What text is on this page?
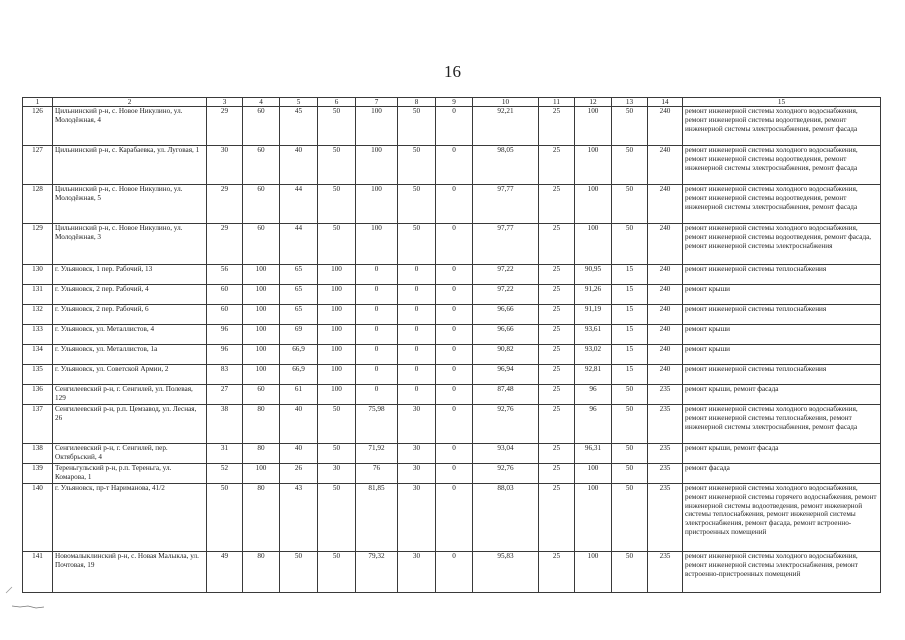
16
1	2	3	4	5	6	7	8	9	10	11	12	13	14	15
126	Цильнинский р-н, с. Новое Никулино, ул. Молодёжная, 4	29	60	45	50	100	50	0	92,21	25	100	50	240	ремонт инженерной системы холодного водоснабжения, ремонт инженерной системы водоотведения, ремонт инженерной системы электроснабжения, ремонт фасада
127	Цильнинский р-н, с. Карабаевка, ул. Луговая, 1	30	60	40	50	100	50	0	98,05	25	100	50	240	ремонт инженерной системы холодного водоснабжения, ремонт инженерной системы водоотведения, ремонт инженерной системы электроснабжения, ремонт фасада
128	Цильнинский р-н, с. Новое Никулино, ул. Молодёжная, 5	29	60	44	50	100	50	0	97,77	25	100	50	240	ремонт инженерной системы холодного водоснабжения, ремонт инженерной системы водоотведения, ремонт инженерной системы электроснабжения, ремонт фасада
129	Цильнинский р-н, с. Новое Никулино, ул. Молодёжная, 3	29	60	44	50	100	50	0	97,77	25	100	50	240	ремонт инженерной системы холодного водоснабжения, ремонт инженерной системы водоотведения, ремонт фасада, ремонт инженерной системы электроснабжения
130	г. Ульяновск, 1 пер. Рабочий, 13	56	100	65	100	0	0	0	97,22	25	90,95	15	240	ремонт инженерной системы теплоснабжения
131	г. Ульяновск, 2 пер. Рабочий, 4	60	100	65	100	0	0	0	97,22	25	91,26	15	240	ремонт крыши
132	г. Ульяновск, 2 пер. Рабочий, 6	60	100	65	100	0	0	0	96,66	25	91,19	15	240	ремонт инженерной системы теплоснабжения
133	г. Ульяновск, ул. Металлистов, 4	96	100	69	100	0	0	0	96,66	25	93,61	15	240	ремонт крыши
134	г. Ульяновск, ул. Металлистов, 1а	96	100	66,9	100	0	0	0	90,82	25	93,02	15	240	ремонт крыши
135	г. Ульяновск, ул. Советской Армии, 2	83	100	66,9	100	0	0	0	96,94	25	92,81	15	240	ремонт инженерной системы теплоснабжения
136	Сенгилеевский р-н, г. Сенгилей, ул. Полевая, 129	27	60	61	100	0	0	0	87,48	25	96	50	235	ремонт крыши, ремонт фасада
137	Сенгилеевский р-н, р.п. Цемзавод, ул. Лесная, 26	38	80	40	50	75,98	30	0	92,76	25	96	50	235	ремонт инженерной системы холодного водоснабжения, ремонт инженерной системы теплоснабжения, ремонт инженерной системы электроснабжения, ремонт фасада
138	Сенгилеевский р-н, г. Сенгилей, пер. Октябрьский, 4	31	80	40	50	71,92	30	0	93,04	25	96,31	50	235	ремонт крыши, ремонт фасада
139	Тереньгульский р-н, р.п. Тереньга, ул. Комарова, 1	52	100	26	30	76	30	0	92,76	25	100	50	235	ремонт фасада
140	г. Ульяновск, пр-т Нариманова, 41/2	50	80	43	50	81,85	30	0	88,03	25	100	50	235	ремонт инженерной системы холодного водоснабжения, ремонт инженерной системы горячего водоснабжения, ремонт инженерной системы водоотведения, ремонт инженерной системы теплоснабжения, ремонт инженерной системы электроснабжения, ремонт фасада, ремонт встроенно-пристроенных помещений
141	Новомалыклинский р-н, с. Новая Малыкла, ул. Почтовая, 19	49	80	50	50	79,32	30	0	95,83	25	100	50	235	ремонт инженерной системы холодного водоснабжения, ремонт инженерной системы электроснабжения, ремонт встроенно-пристроенных помещений
